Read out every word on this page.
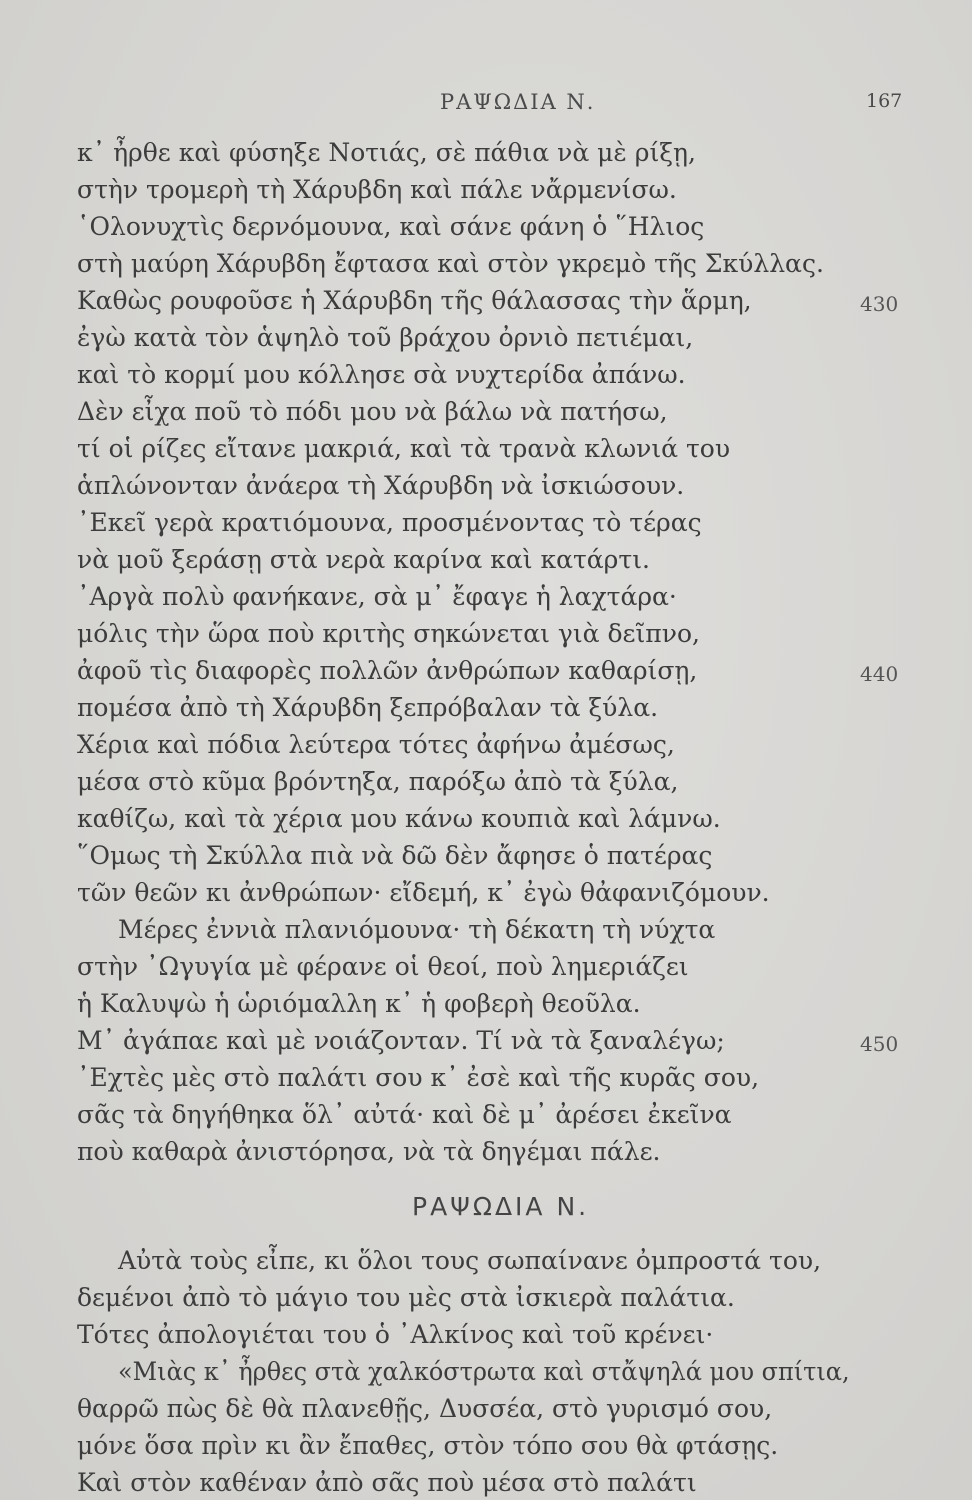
ΡΑΨΩΔΙΑ Ν.	167
κ᾽ ἦρθε καὶ φύσηξε Νοτιάς, σὲ πάθια νὰ μὲ ρίξῃ,
στὴν τρομερὴ τὴ Χάρυβδη καὶ πάλε νἄρμενίσω.
῾Ολονυχτὶς δερνόμουνα, καὶ σάνε φάνη ὁ ῞Ηλιος
στὴ μαύρη Χάρυβδη ἔφτασα καὶ στὸν γκρεμὸ τῆς Σκύλλας.
Καθὼς ρουφοῦσε ἡ Χάρυβδη τῆς θάλασσας τὴν ἅρμη,
ἐγὼ κατὰ τὸν ἁψηλὸ τοῦ βράχου ὀρνιὸ πετιέμαι,
καὶ τὸ κορμί μου κόλλησε σὰ νυχτερίδα ἀπάνω.
Δὲν εἶχα ποῦ τὸ πόδι μου νὰ βάλω νὰ πατήσω,
τί οἱ ρίζες εἴτανε μακριά, καὶ τὰ τρανὰ κλωνιά του
ἁπλώνονταν ἀνάερα τὴ Χάρυβδη νὰ ἰσκιώσουν.
᾽Εκεῖ γερὰ κρατιόμουνα, προσμένοντας τὸ τέρας
νὰ μοῦ ξεράσῃ στὰ νερὰ καρίνα καὶ κατάρτι.
᾽Αργὰ πολὺ φανήκανε, σὰ μ᾽ ἔφαγε ἡ λαχτάρα·
μόλις τὴν ὥρα ποὺ κριτὴς σηκώνεται γιὰ δεῖπνο,
ἀφοῦ τὶς διαφορὲς πολλῶν ἀνθρώπων καθαρίσῃ,
πομέσα ἀπὸ τὴ Χάρυβδη ξεπρόβαλαν τὰ ξύλα.
Χέρια καὶ πόδια λεύτερα τότες ἀφήνω ἀμέσως,
μέσα στὸ κῦμα βρόντηξα, παρόξω ἀπὸ τὰ ξύλα,
καθίζω, καὶ τὰ χέρια μου κάνω κουπιὰ καὶ λάμνω.
῞Ομως τὴ Σκύλλα πιὰ νὰ δῶ δὲν ἄφησε ὁ πατέρας
τῶν θεῶν κι ἀνθρώπων· εἴδεμή, κ᾽ ἐγὼ θἀφανιζόμουν.
Μέρες ἐννιὰ πλανιόμουνα· τὴ δέκατη τὴ νύχτα
στὴν ᾽Ωγυγία μὲ φέρανε οἱ θεοί, ποὺ λημεριάζει
ἡ Καλυψὼ ἡ ὡριόμαλλη κ᾽ ἡ φοβερὴ θεοῦλα.
Μ᾽ ἀγάπαε καὶ μὲ νοιάζονταν. Τί νὰ τὰ ξαναλέγω;
᾽Εχτὲς μὲς στὸ παλάτι σου κ᾽ ἐσὲ καὶ τῆς κυρᾶς σου,
σᾶς τὰ δηγήθηκα ὅλ᾽ αὐτά· καὶ δὲ μ᾽ ἀρέσει ἐκεῖνα
ποὺ καθαρὰ ἀνιστόρησα, νὰ τὰ δηγέμαι πάλε.
430
440
450
ΡΑΨΩΔΙΑ Ν.
Αὐτὰ τοὺς εἶπε, κι ὅλοι τους σωπαίνανε ὀμπροστά του,
δεμένοι ἀπὸ τὸ μάγιο του μὲς στὰ ἰσκιερὰ παλάτια.
Τότες ἀπολογιέται του ὁ ᾽Αλκίνος καὶ τοῦ κρένει·
«Μιὰς κ᾽ ἦρθες στὰ χαλκόστρωτα καὶ στἄψηλά μου σπίτια,
θαρρῶ πὼς δὲ θὰ πλανεθῇς, Δυσσέα, στὸ γυρισμό σου,
μόνε ὅσα πρὶν κι ἂν ἔπαθες, στὸν τόπο σου θὰ φτάσῃς.
Καὶ στὸν καθέναν ἀπὸ σᾶς ποὺ μέσα στὸ παλάτι
